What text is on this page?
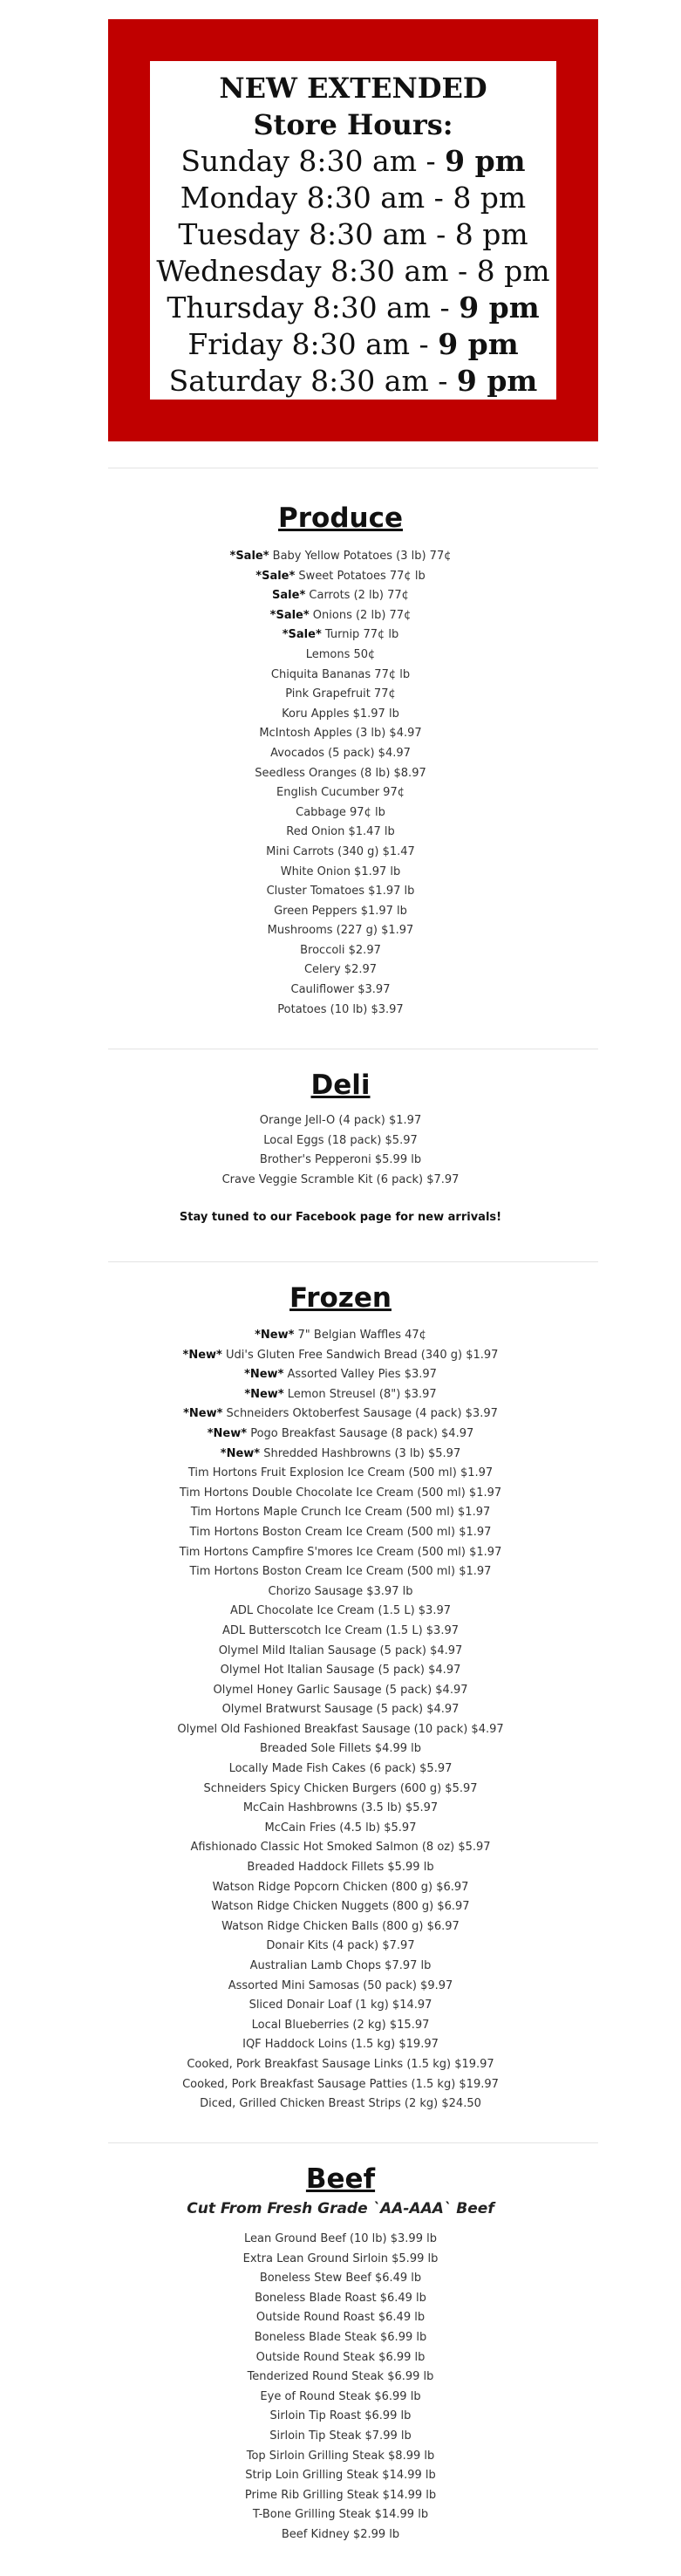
NEW EXTENDED

Store Hours:

Sunday 8:30 am - 9 pm

Monday 8:30 am - 8 pm

Tuesday 8:30 am - 8 pm

Wednesday 8:30 am - 8 pm

Thursday 8:30 am - 9 pm

Friday 8:30 am - 9 pm

Saturday 8:30 am - 9 pm

Produce
*Sale* Baby Yellow Potatoes (3 lb) 77¢
*Sale* Sweet Potatoes 77¢ lb
Sale* Carrots (2 lb) 77¢
*Sale* Onions (2 lb) 77¢
*Sale* Turnip 77¢ lb
Lemons 50¢
Chiquita Bananas 77¢ lb
Pink Grapefruit 77¢
Koru Apples $1.97 lb
McIntosh Apples (3 lb) $4.97
Avocados (5 pack) $4.97
Seedless Oranges (8 lb) $8.97
English Cucumber 97¢
Cabbage 97¢ lb
Red Onion $1.47 lb
Mini Carrots (340 g) $1.47
White Onion $1.97 lb
Cluster Tomatoes $1.97 lb
Green Peppers $1.97 lb
Mushrooms (227 g) $1.97
Broccoli $2.97
Celery $2.97
Cauliflower $3.97
Potatoes (10 lb) $3.97
Deli
Orange Jell-O (4 pack) $1.97
Local Eggs (18 pack) $5.97
Brother's Pepperoni $5.99 lb
Crave Veggie Scramble Kit (6 pack) $7.97
Stay tuned to our Facebook page for new arrivals!
Frozen
*New* 7" Belgian Waffles 47¢
*New* Udi's Gluten Free Sandwich Bread (340 g) $1.97
*New* Assorted Valley Pies $3.97
*New* Lemon Streusel (8") $3.97
*New* Schneiders Oktoberfest Sausage (4 pack) $3.97
*New* Pogo Breakfast Sausage (8 pack) $4.97
*New* Shredded Hashbrowns (3 lb) $5.97
Tim Hortons Fruit Explosion Ice Cream (500 ml) $1.97
Tim Hortons Double Chocolate Ice Cream (500 ml) $1.97
Tim Hortons Maple Crunch Ice Cream (500 ml) $1.97
Tim Hortons Boston Cream Ice Cream (500 ml) $1.97
Tim Hortons Campfire S'mores Ice Cream (500 ml) $1.97
Tim Hortons Boston Cream Ice Cream (500 ml) $1.97
Chorizo Sausage $3.97 lb
ADL Chocolate Ice Cream (1.5 L) $3.97
ADL Butterscotch Ice Cream (1.5 L) $3.97
Olymel Mild Italian Sausage (5 pack) $4.97
Olymel Hot Italian Sausage (5 pack) $4.97
Olymel Honey Garlic Sausage (5 pack) $4.97
Olymel Bratwurst Sausage (5 pack) $4.97
Olymel Old Fashioned Breakfast Sausage (10 pack) $4.97
Breaded Sole Fillets $4.99 lb
Locally Made Fish Cakes (6 pack) $5.97
Schneiders Spicy Chicken Burgers (600 g) $5.97
McCain Hashbrowns (3.5 lb) $5.97
McCain Fries (4.5 lb) $5.97
Afishionado Classic Hot Smoked Salmon (8 oz) $5.97
Breaded Haddock Fillets $5.99 lb
Watson Ridge Popcorn Chicken (800 g) $6.97
Watson Ridge Chicken Nuggets (800 g) $6.97
Watson Ridge Chicken Balls (800 g) $6.97
Donair Kits (4 pack) $7.97
Australian Lamb Chops $7.97 lb
Assorted Mini Samosas (50 pack) $9.97
Sliced Donair Loaf (1 kg) $14.97
Local Blueberries (2 kg) $15.97
IQF Haddock Loins (1.5 kg) $19.97
Cooked, Pork Breakfast Sausage Links (1.5 kg) $19.97
Cooked, Pork Breakfast Sausage Patties (1.5 kg) $19.97
Diced, Grilled Chicken Breast Strips (2 kg) $24.50
Beef

Cut From Fresh Grade `AA-AAA` Beef

Lean Ground Beef (10 lb) $3.99 lb
Extra Lean Ground Sirloin $5.99 lb
Boneless Stew Beef $6.49 lb
Boneless Blade Roast $6.49 lb
Outside Round Roast $6.49 lb
Boneless Blade Steak $6.99 lb
Outside Round Steak $6.99 lb
Tenderized Round Steak $6.99 lb
Eye of Round Steak $6.99 lb
Sirloin Tip Roast $6.99 lb
Sirloin Tip Steak $7.99 lb
Top Sirloin Grilling Steak $8.99 lb
Strip Loin Grilling Steak $14.99 lb
Prime Rib Grilling Steak $14.99 lb
T-Bone Grilling Steak $14.99 lb
Beef Kidney $2.99 lb
